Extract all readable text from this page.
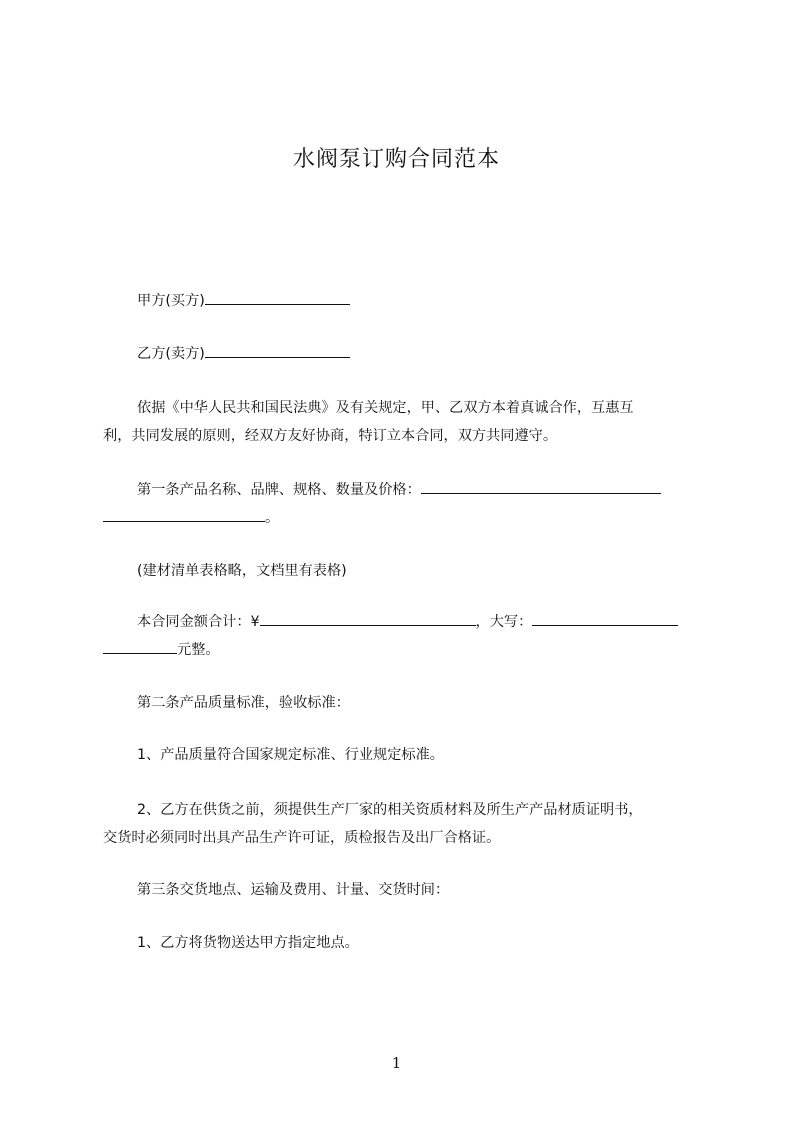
水阀泵订购合同范本
甲方(买方)
乙方(卖方)
依据《中华人民共和国民法典》及有关规定，甲、乙双方本着真诚合作，互惠互
利，共同发展的原则，经双方友好协商，特订立本合同，双方共同遵守。
第一条产品名称、品牌、规格、数量及价格：
。
(建材清单表格略，文档里有表格)
本合同金额合计：¥	，大写：
元整。
第二条产品质量标准，验收标准：
1、产品质量符合国家规定标准、行业规定标准。
2、乙方在供货之前，须提供生产厂家的相关资质材料及所生产产品材质证明书，
交货时必须同时出具产品生产许可证，质检报告及出厂合格证。
第三条交货地点、运输及费用、计量、交货时间：
1、乙方将货物送达甲方指定地点。
1
